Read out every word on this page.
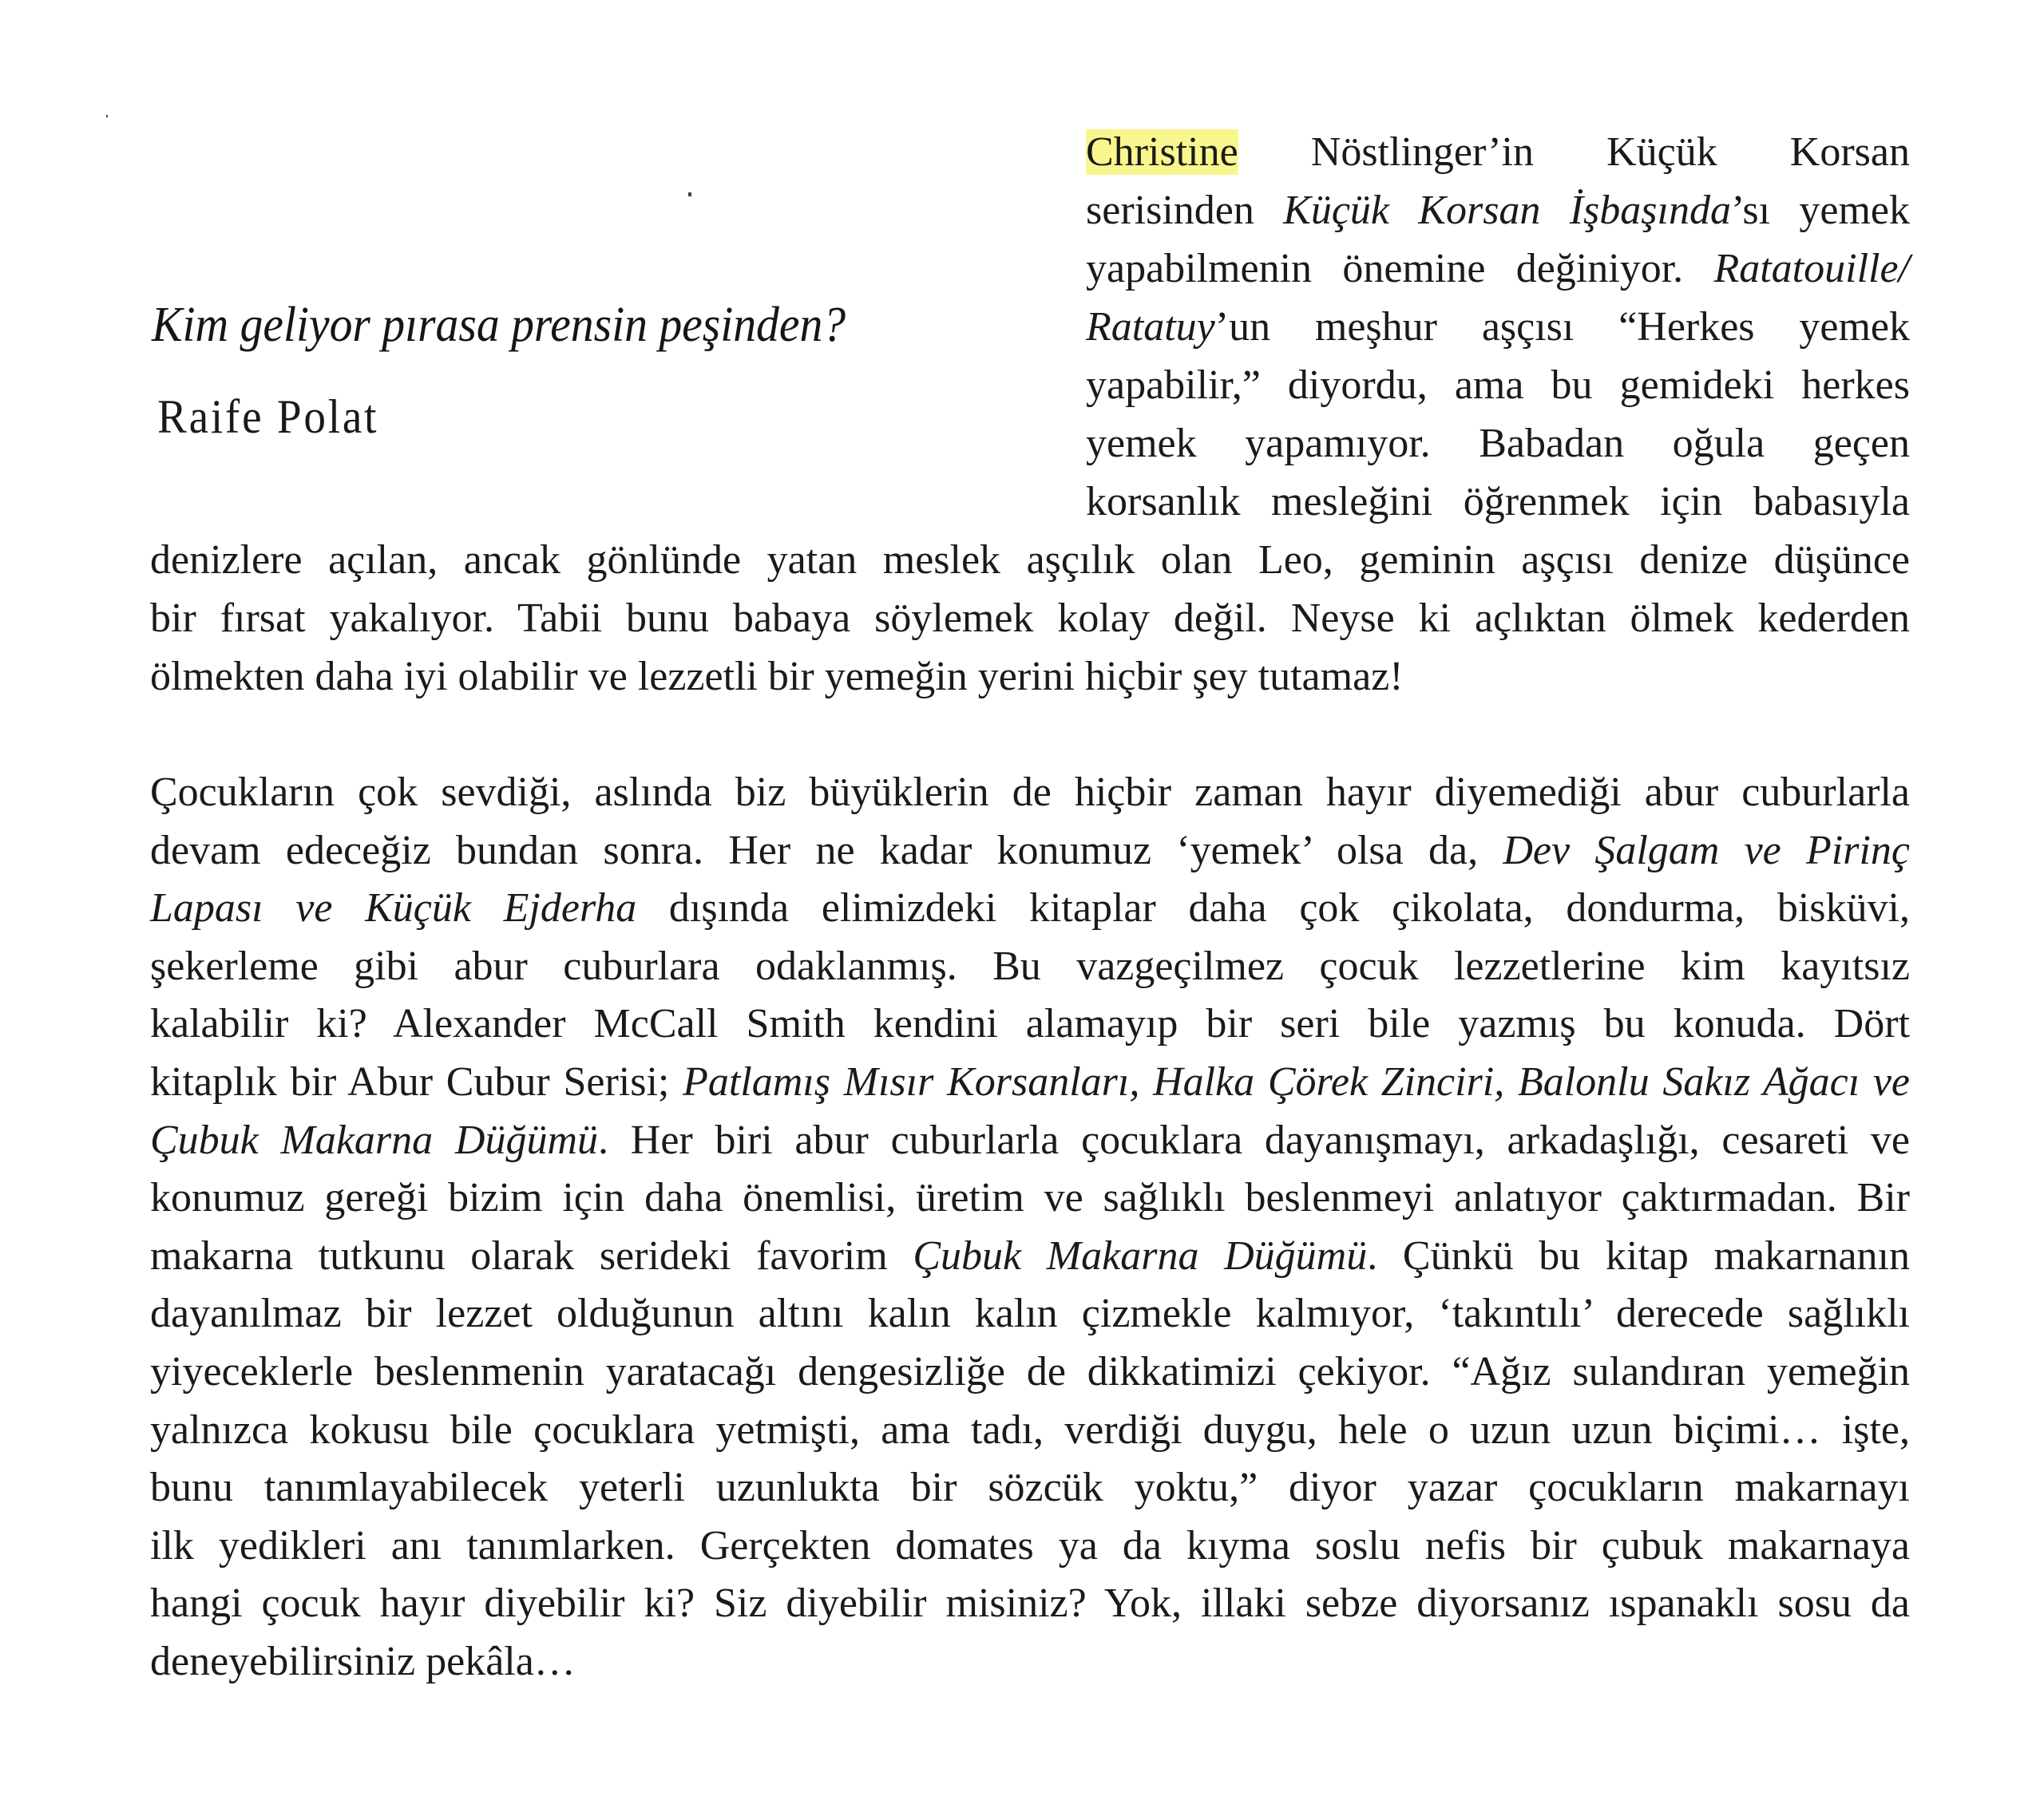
Kim geliyor pırasa prensin peşinden?
Raife Polat
Christine Nöstlinger’in Küçük Korsan
serisinden Küçük Korsan İşbaşında’sı yemek
yapabilmenin önemine değiniyor. Ratatouille/
Ratatuy’un meşhur aşçısı “Herkes yemek
yapabilir,” diyordu, ama bu gemideki herkes
yemek yapamıyor. Babadan oğula geçen
korsanlık mesleğini öğrenmek için babasıyla
denizlere açılan, ancak gönlünde yatan meslek aşçılık olan Leo, geminin aşçısı denize düşünce
bir fırsat yakalıyor. Tabii bunu babaya söylemek kolay değil. Neyse ki açlıktan ölmek kederden
ölmekten daha iyi olabilir ve lezzetli bir yemeğin yerini hiçbir şey tutamaz!
Çocukların çok sevdiği, aslında biz büyüklerin de hiçbir zaman hayır diyemediği abur cuburlarla
devam edeceğiz bundan sonra. Her ne kadar konumuz ‘yemek’ olsa da, Dev Şalgam ve Pirinç
Lapası ve Küçük Ejderha dışında elimizdeki kitaplar daha çok çikolata, dondurma, bisküvi,
şekerleme gibi abur cuburlara odaklanmış. Bu vazgeçilmez çocuk lezzetlerine kim kayıtsız
kalabilir ki? Alexander McCall Smith kendini alamayıp bir seri bile yazmış bu konuda. Dört
kitaplık bir Abur Cubur Serisi; Patlamış Mısır Korsanları, Halka Çörek Zinciri, Balonlu Sakız Ağacı ve
Çubuk Makarna Düğümü. Her biri abur cuburlarla çocuklara dayanışmayı, arkadaşlığı, cesareti ve
konumuz gereği bizim için daha önemlisi, üretim ve sağlıklı beslenmeyi anlatıyor çaktırmadan. Bir
makarna tutkunu olarak serideki favorim Çubuk Makarna Düğümü. Çünkü bu kitap makarnanın
dayanılmaz bir lezzet olduğunun altını kalın kalın çizmekle kalmıyor, ‘takıntılı’ derecede sağlıklı
yiyeceklerle beslenmenin yaratacağı dengesizliğe de dikkatimizi çekiyor. “Ağız sulandıran yemeğin
yalnızca kokusu bile çocuklara yetmişti, ama tadı, verdiği duygu, hele o uzun uzun biçimi… işte,
bunu tanımlayabilecek yeterli uzunlukta bir sözcük yoktu,” diyor yazar çocukların makarnayı
ilk yedikleri anı tanımlarken. Gerçekten domates ya da kıyma soslu nefis bir çubuk makarnaya
hangi çocuk hayır diyebilir ki? Siz diyebilir misiniz? Yok, illaki sebze diyorsanız ıspanaklı sosu da
deneyebilirsiniz pekâla…
